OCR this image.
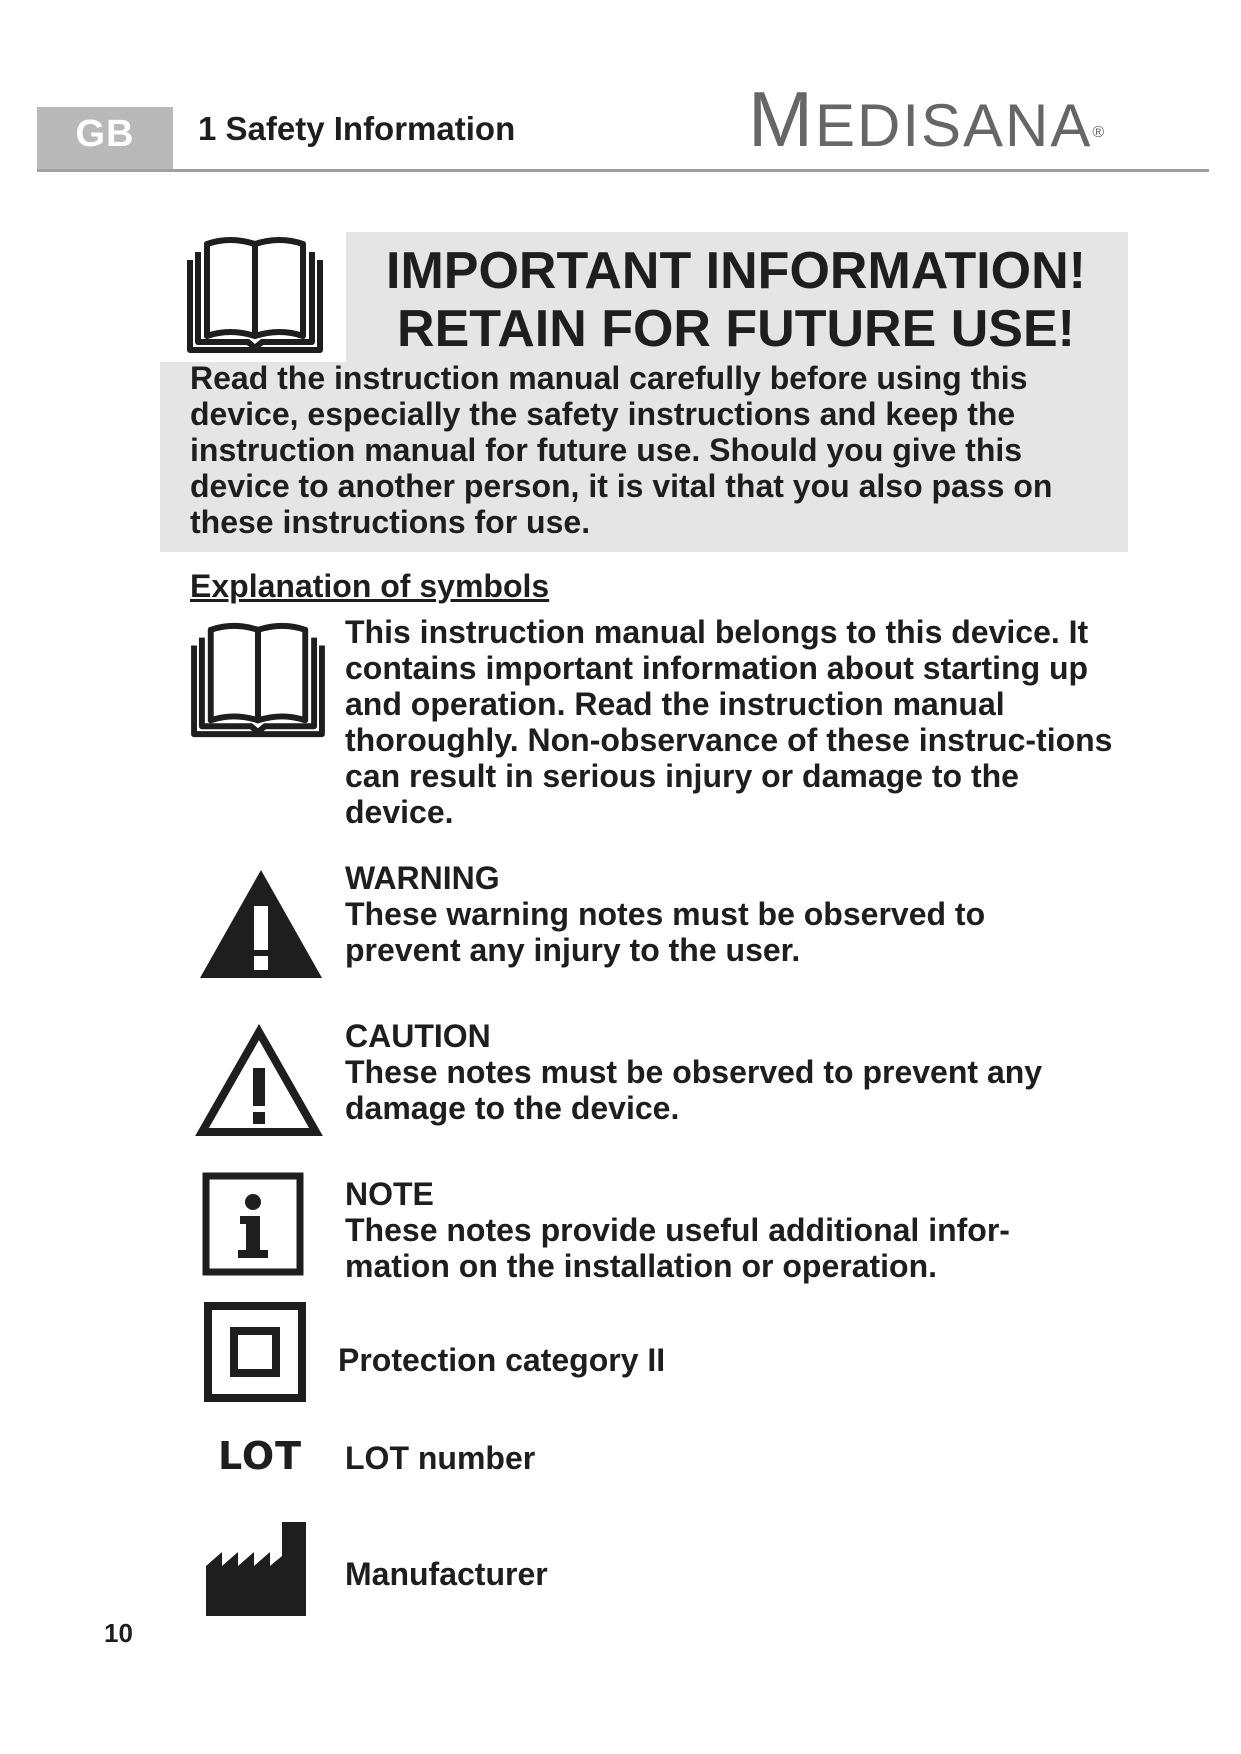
GB	1 Safety Information	MEDISANA®
IMPORTANT INFORMATION!
RETAIN FOR FUTURE USE!
Read the instruction manual carefully before using this device, especially the safety instructions and keep the instruction manual for future use. Should you give this device to another person, it is vital that you also pass on these instructions for use.
Explanation of symbols
This instruction manual belongs to this device. It contains important information about starting up and operation. Read the instruction manual thoroughly. Non-observance of these instruc-tions can result in serious injury or damage to the device.
WARNING
These warning notes must be observed to prevent any injury to the user.
CAUTION
These notes must be observed to prevent any damage to the device.
NOTE
These notes provide useful additional infor-mation on the installation or operation.
Protection category II
LOT LOT number
Manufacturer
10
